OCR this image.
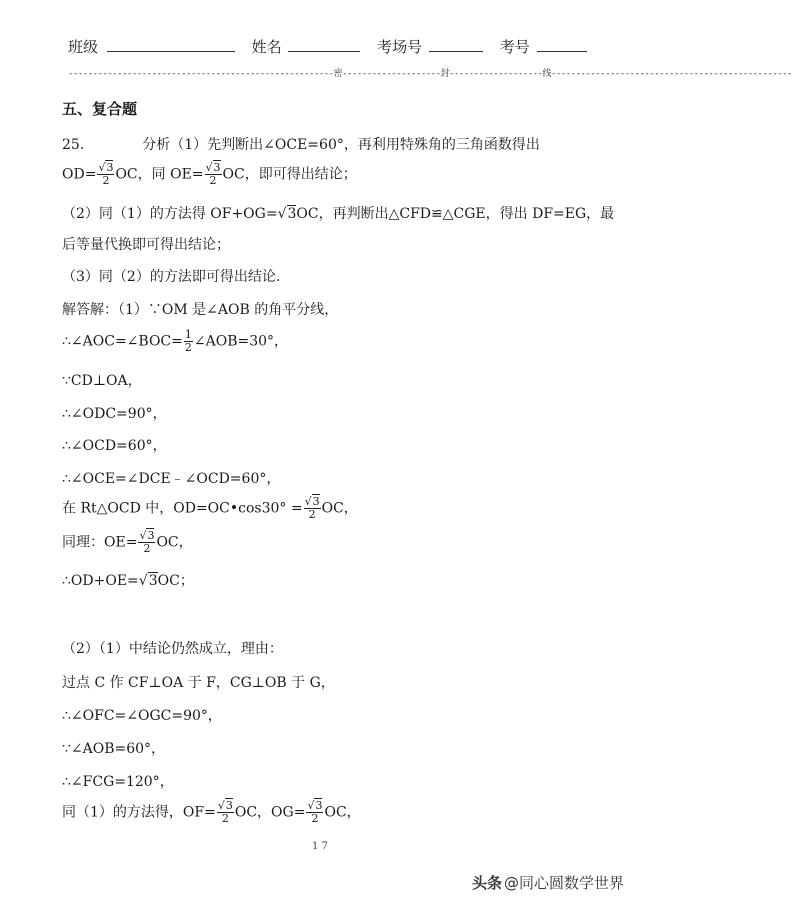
班级	姓名	考场号	考号
------------------------------------------------------密--------------------封-------------------线-------------------------------------------------
五、复合题
25.	分析（1）先判断出∠OCE=60°，再利用特殊角的三角函数得出
$OD= \frac{√3}{2}$ OC，同 $OE= \frac{√3}{2}$ OC，即可得出结论；
（2）同（1）的方法得 OF+OG=√3OC，再判断出△CFD≌△CGE，得出 DF=EG，最
后等量代换即可得出结论；
（3）同（2）的方法即可得出结论.
解答解：（1）∵OM 是∠AOB 的角平分线，
∴∠AOC=∠BOC= $\frac{1}{2}$ ∠AOB=30°，
∵CD⊥OA，
∴∠ODC=90°，
∴∠OCD=60°，
∴∠OCE=∠DCE﹣∠OCD=60°，
在 Rt△OCD 中，OD=OC•cos30° = $\frac{√3}{2}$ OC，
同理：$OE= \frac{√3}{2}$ OC，
∴OD+OE=√3OC；
（2）（1）中结论仍然成立，理由：
过点 C 作 CF⊥OA 于 F，CG⊥OB 于 G，
∴∠OFC=∠OGC=90°，
∵∠AOB=60°，
∴∠FCG=120°，
同（1）的方法得，$OF= \frac{√3}{2}$ OC，$OG= \frac{√3}{2}$ OC，
1 7
头条 @同心圆数学世界
